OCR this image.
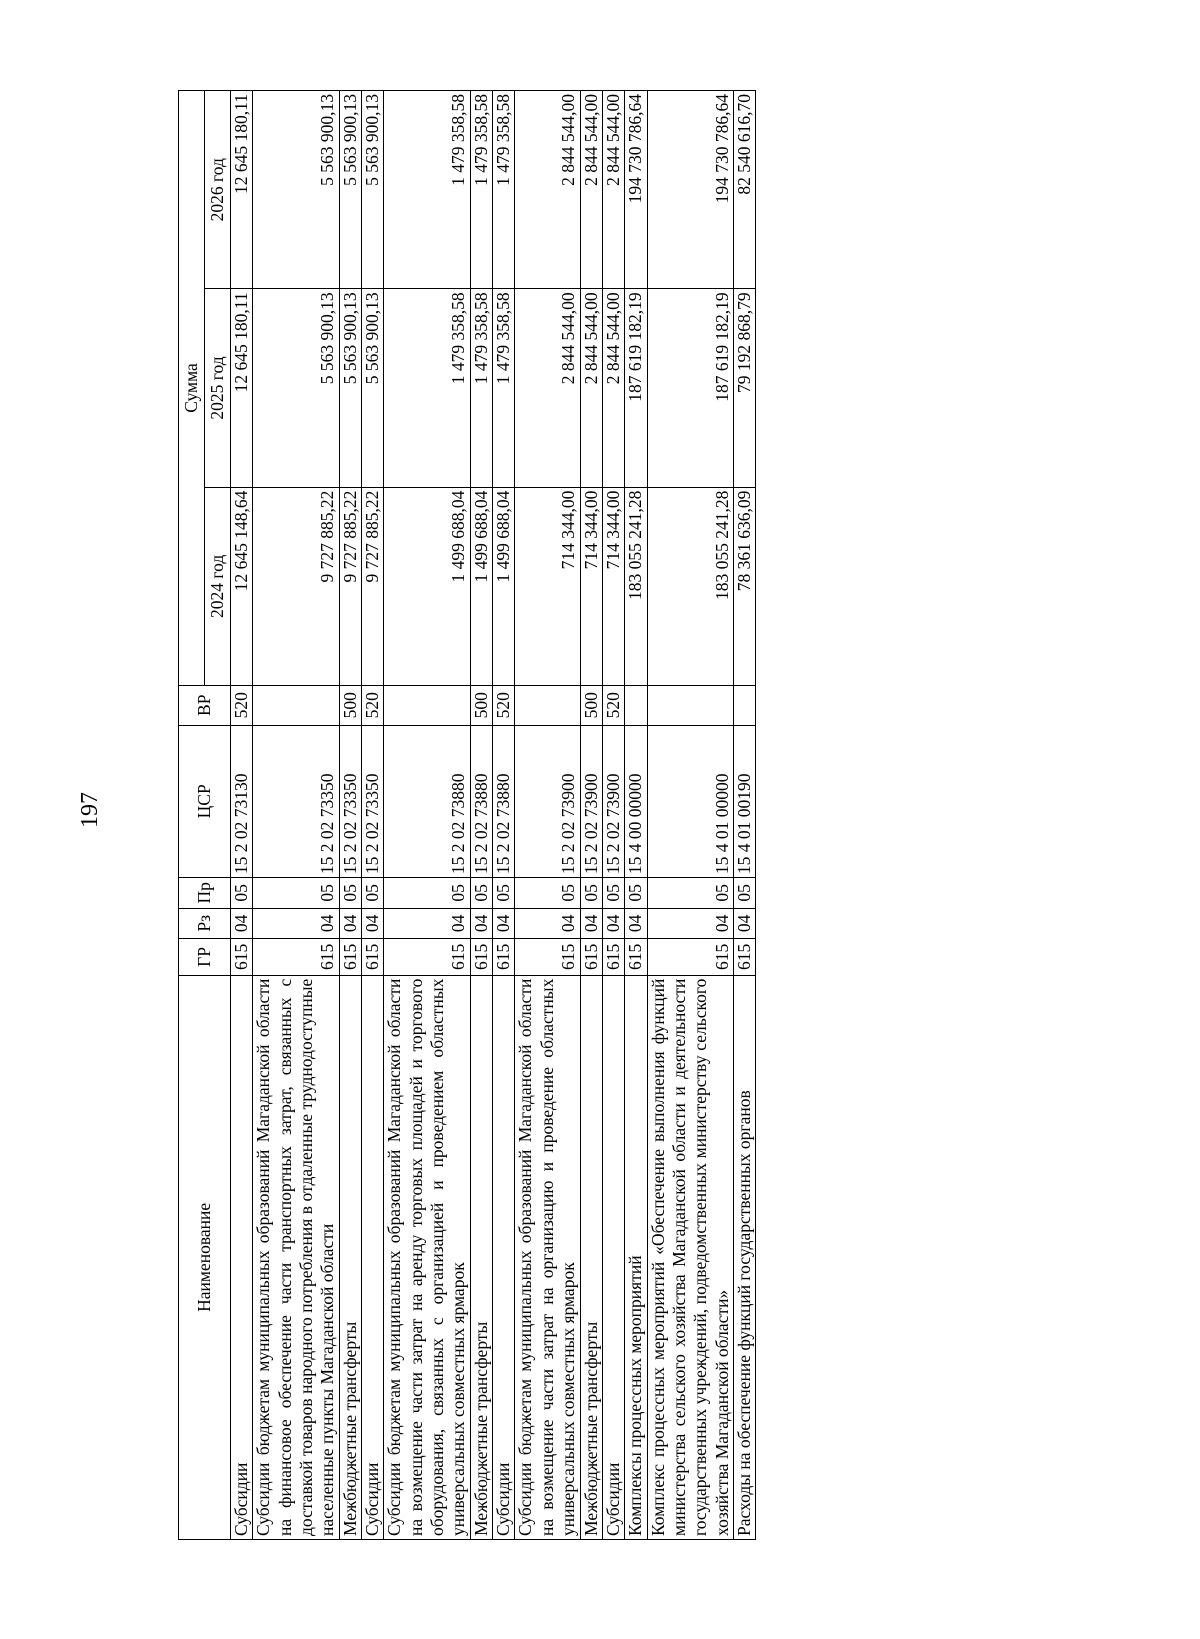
197
Наименование	ГР	Рз	Пр	ЦСР	ВР	Сумма		
						2024 год	2025 год	2026 год
Субсидии	615	04	05	15 2 02 73130	520	12 645 148,64	12 645 180,11	12 645 180,11
Субсидии бюджетам муниципальных образований Магаданской области на финансовое обеспечение части транспортных затрат, связанных с доставкой товаров народного потребления в отдаленные труднодоступные населенные пункты Магаданской области	615	04	05	15 2 02 73350		9 727 885,22	5 563 900,13	5 563 900,13
Межбюджетные трансферты	615	04	05	15 2 02 73350	500	9 727 885,22	5 563 900,13	5 563 900,13
Субсидии	615	04	05	15 2 02 73350	520	9 727 885,22	5 563 900,13	5 563 900,13
Субсидии бюджетам муниципальных образований Магаданской области на возмещение части затрат на аренду торговых площадей и торгового оборудования, связанных с организацией и проведением областных универсальных совместных ярмарок	615	04	05	15 2 02 73880		1 499 688,04	1 479 358,58	1 479 358,58
Межбюджетные трансферты	615	04	05	15 2 02 73880	500	1 499 688,04	1 479 358,58	1 479 358,58
Субсидии	615	04	05	15 2 02 73880	520	1 499 688,04	1 479 358,58	1 479 358,58
Субсидии бюджетам муниципальных образований Магаданской области на возмещение части затрат на организацию и проведение областных универсальных совместных ярмарок	615	04	05	15 2 02 73900		714 344,00	2 844 544,00	2 844 544,00
Межбюджетные трансферты	615	04	05	15 2 02 73900	500	714 344,00	2 844 544,00	2 844 544,00
Субсидии	615	04	05	15 2 02 73900	520	714 344,00	2 844 544,00	2 844 544,00
Комплексы процессных мероприятий	615	04	05	15 4 00 00000		183 055 241,28	187 619 182,19	194 730 786,64
Комплекс процессных мероприятий «Обеспечение выполнения функций министерства сельского хозяйства Магаданской области и деятельности государственных учреждений, подведомственных министерству сельского хозяйства Магаданской области»	615	04	05	15 4 01 00000		183 055 241,28	187 619 182,19	194 730 786,64
Расходы на обеспечение функций государственных органов	615	04	05	15 4 01 00190		78 361 636,09	79 192 868,79	82 540 616,70
